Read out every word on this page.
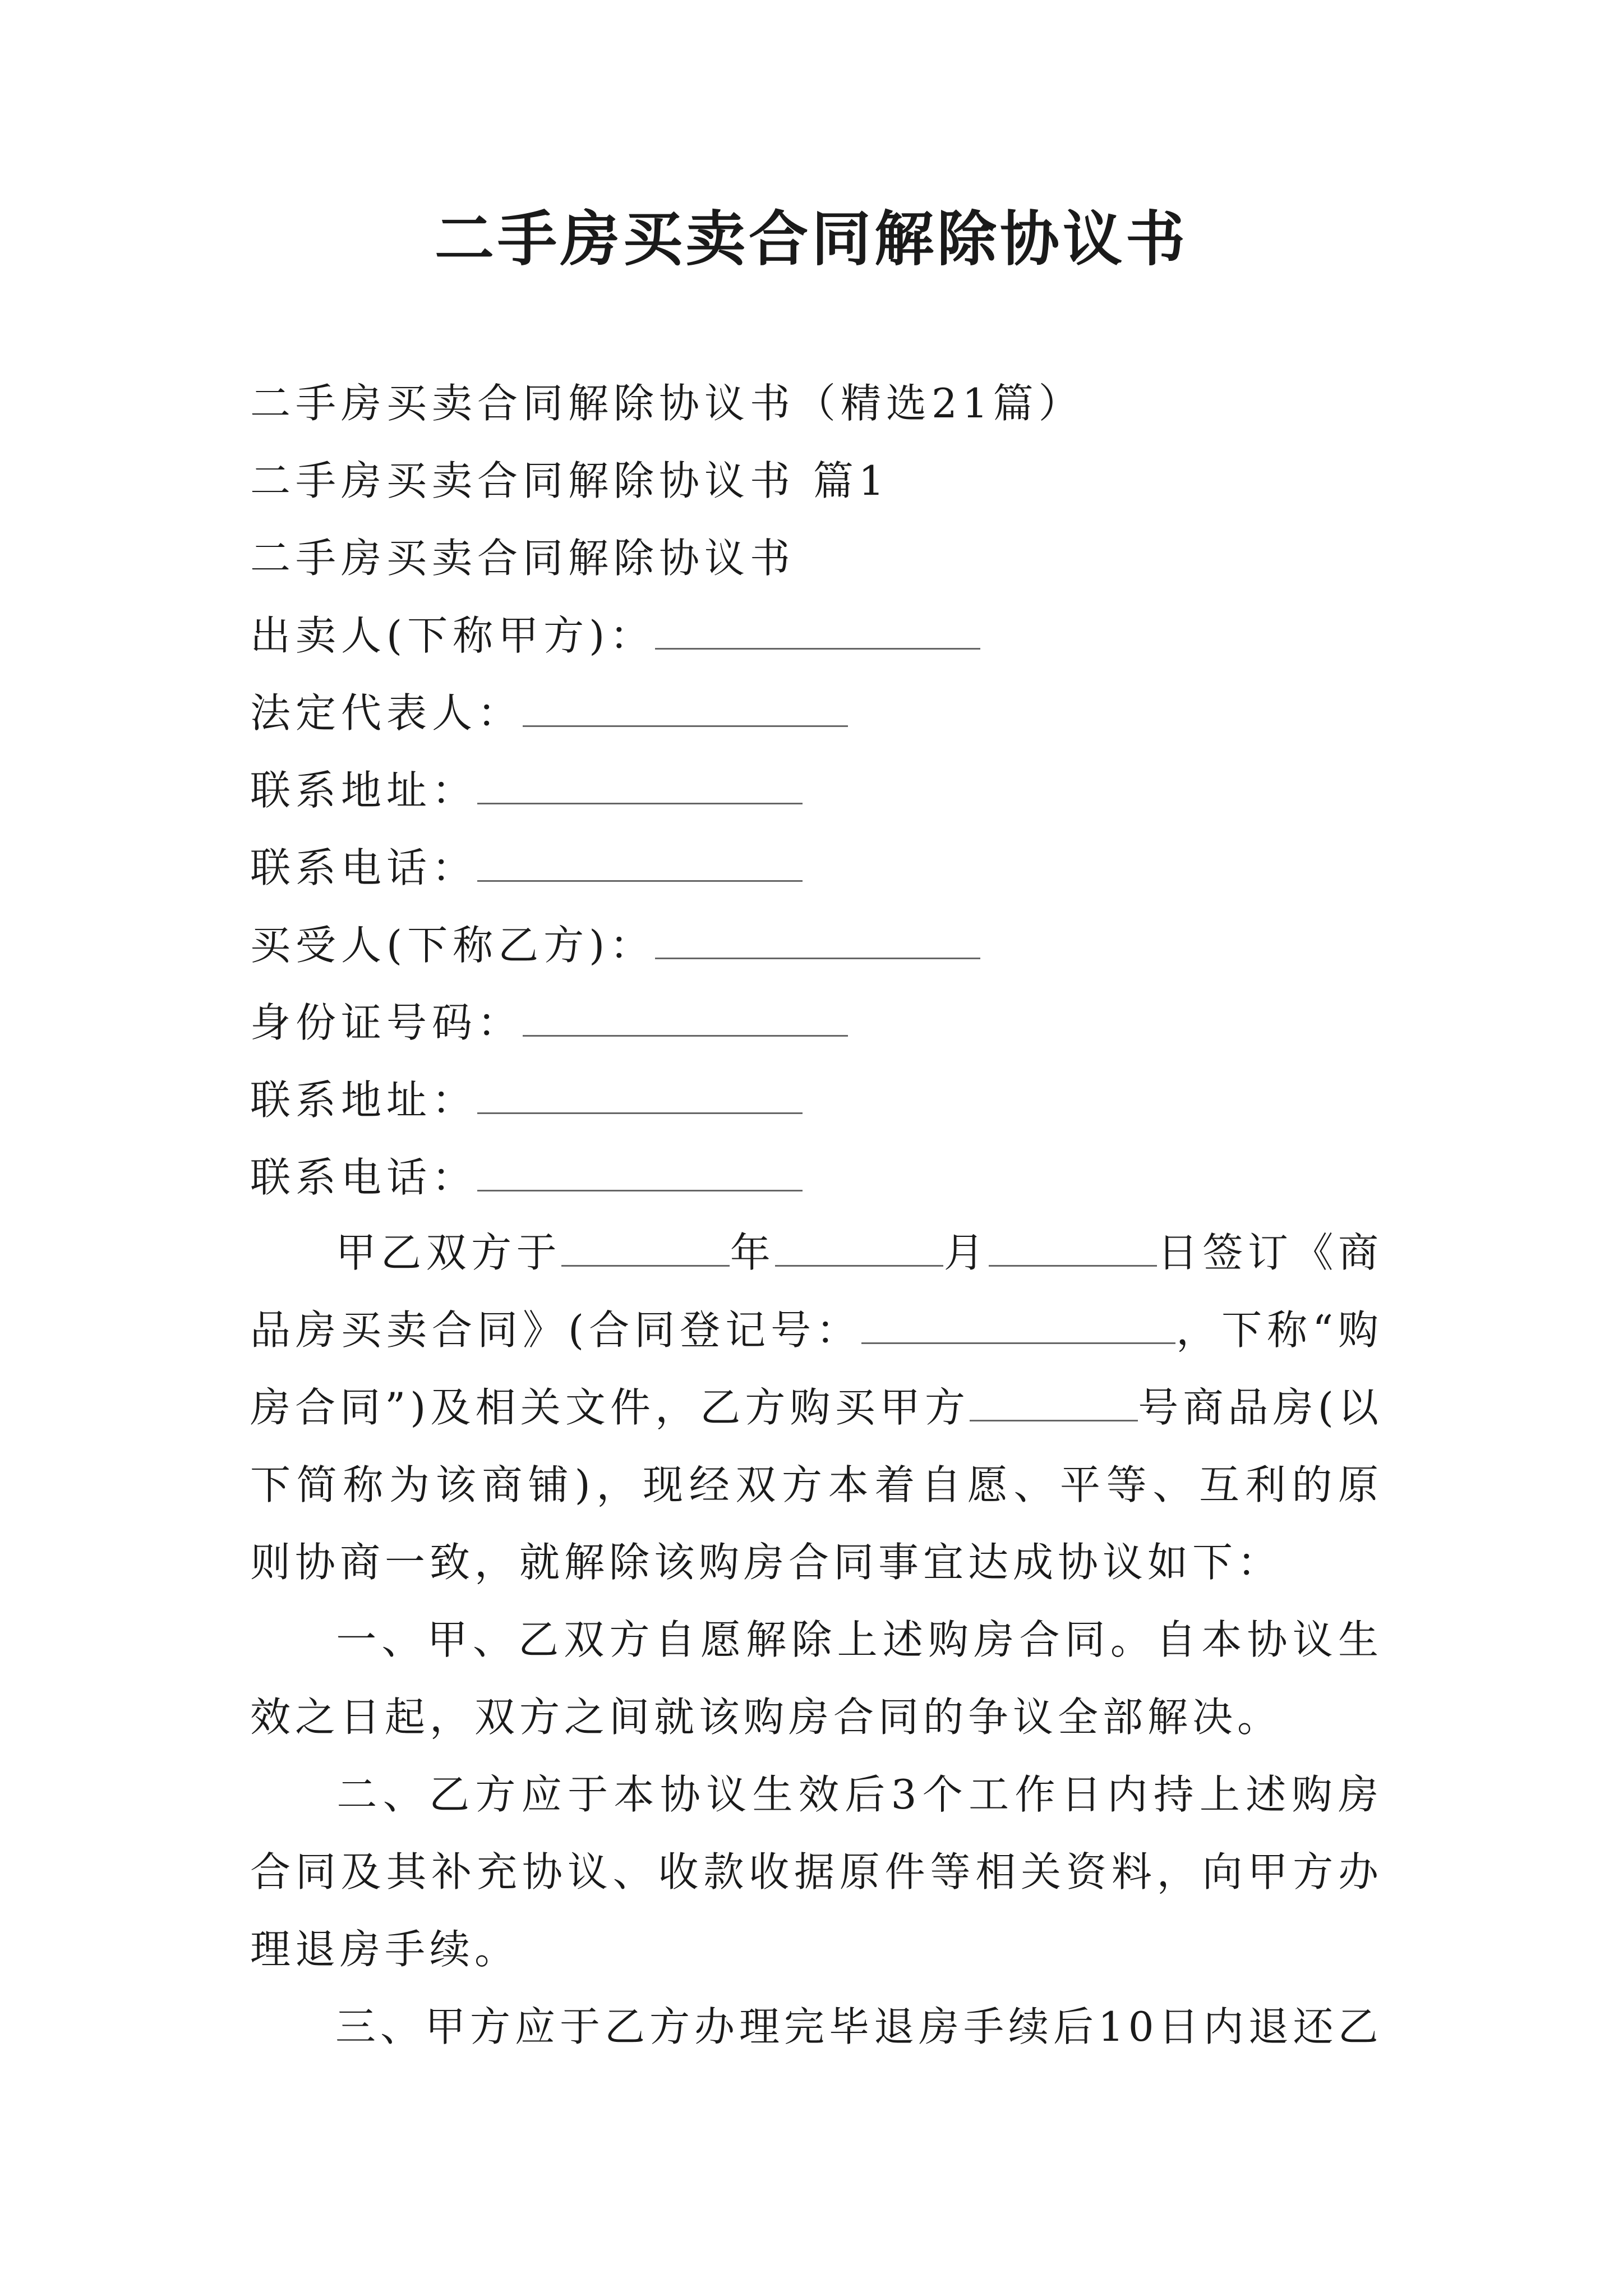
二手房买卖合同解除协议书
二手房买卖合同解除协议书（精选21篇）
二手房买卖合同解除协议书 篇1
二手房买卖合同解除协议书
出卖人(下称甲方)：
法定代表人：
联系地址：
联系电话：
买受人(下称乙方)：
身份证号码：
联系地址：
联系电话：
甲乙双方于	年	月	日签订《商品房买卖合同》(合同登记号：	，下称“购房合同”)及相关文件，乙方购买甲方	号商品房(以下简称为该商铺)，现经双方本着自愿、平等、互利的原则协商一致，就解除该购房合同事宜达成协议如下：
一、甲、乙双方自愿解除上述购房合同。自本协议生效之日起，双方之间就该购房合同的争议全部解决。
二、乙方应于本协议生效后3个工作日内持上述购房合同及其补充协议、收款收据原件等相关资料，向甲方办理退房手续。
三、甲方应于乙方办理完毕退房手续后10日内退还乙
